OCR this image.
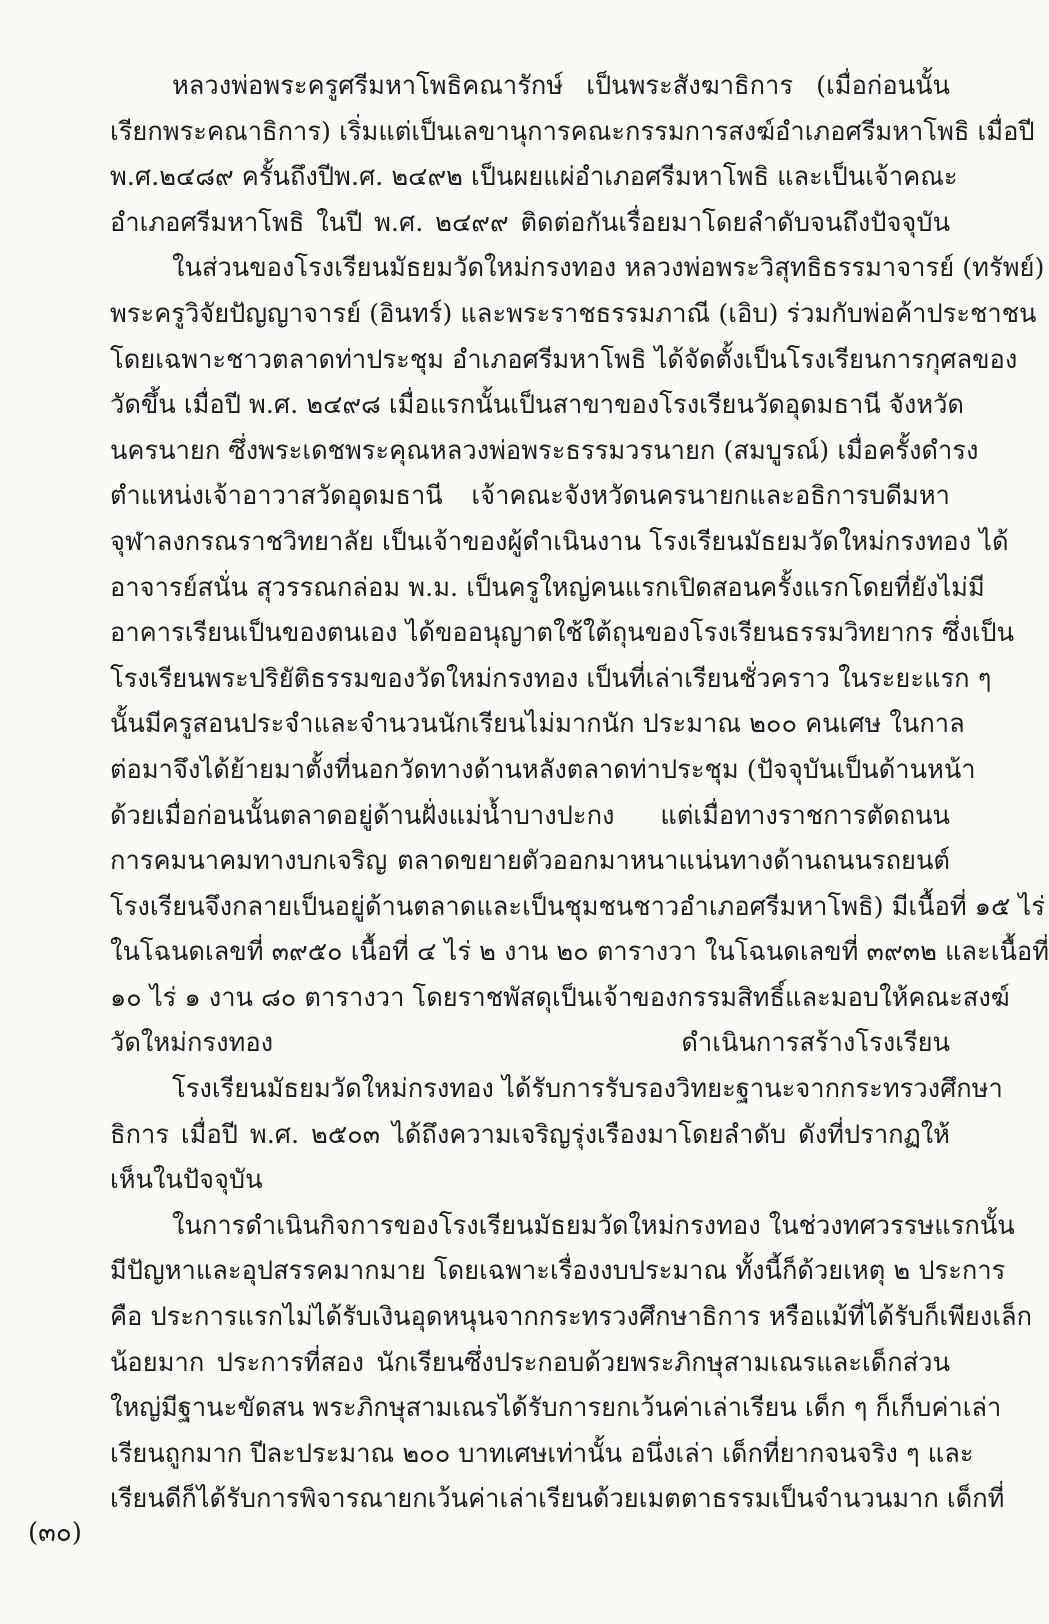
หลวงพ่อพระครูศรีมหาโพธิคณารักษ์ เป็นพระสังฆาธิการ (เมื่อก่อนนั้น
เรียกพระคณาธิการ) เริ่มแต่เป็นเลขานุการคณะกรรมการสงฆ์อำเภอศรีมหาโพธิ เมื่อปี
พ.ศ.๒๔๘๙ ครั้นถึงปีพ.ศ. ๒๔๙๒ เป็นผยแผ่อำเภอศรีมหาโพธิ และเป็นเจ้าคณะ
อำเภอศรีมหาโพธิ ในปี พ.ศ. ๒๔๙๙ ติดต่อกันเรื่อยมาโดยลำดับจนถึงปัจจุบัน
ในส่วนของโรงเรียนมัธยมวัดใหม่กรงทอง หลวงพ่อพระวิสุทธิธรรมาจารย์ (ทรัพย์)
พระครูวิจัยปัญญาจารย์ (อินทร์) และพระราชธรรมภาณี (เอิบ) ร่วมกับพ่อค้าประชาชน
โดยเฉพาะชาวตลาดท่าประชุม อำเภอศรีมหาโพธิ ได้จัดตั้งเป็นโรงเรียนการกุศลของ
วัดขึ้น เมื่อปี พ.ศ. ๒๔๙๘ เมื่อแรกนั้นเป็นสาขาของโรงเรียนวัดอุดมธานี จังหวัด
นครนายก ซึ่งพระเดชพระคุณหลวงพ่อพระธรรมวรนายก (สมบูรณ์) เมื่อครั้งดำรง
ตำแหน่งเจ้าอาวาสวัดอุดมธานี เจ้าคณะจังหวัดนครนายกและอธิการบดีมหา
จุฬาลงกรณราชวิทยาลัย เป็นเจ้าของผู้ดำเนินงาน โรงเรียนมัธยมวัดใหม่กรงทอง ได้
อาจารย์สนั่น สุวรรณกล่อม พ.ม. เป็นครูใหญ่คนแรกเปิดสอนครั้งแรกโดยที่ยังไม่มี
อาคารเรียนเป็นของตนเอง ได้ขออนุญาตใช้ใต้ถุนของโรงเรียนธรรมวิทยากร ซึ่งเป็น
โรงเรียนพระปริยัติธรรมของวัดใหม่กรงทอง เป็นที่เล่าเรียนชั่วคราว ในระยะแรก ๆ
นั้นมีครูสอนประจำและจำนวนนักเรียนไม่มากนัก ประมาณ ๒๐๐ คนเศษ ในกาล
ต่อมาจึงได้ย้ายมาตั้งที่นอกวัดทางด้านหลังตลาดท่าประชุม (ปัจจุบันเป็นด้านหน้า
ด้วยเมื่อก่อนนั้นตลาดอยู่ด้านฝั่งแม่น้ำบางปะกง แต่เมื่อทางราชการตัดถนน
การคมนาคมทางบกเจริญ ตลาดขยายตัวออกมาหนาแน่นทางด้านถนนรถยนต์
โรงเรียนจึงกลายเป็นอยู่ด้านตลาดและเป็นชุมชนชาวอำเภอศรีมหาโพธิ) มีเนื้อที่ ๑๕ ไร่
ในโฉนดเลขที่ ๓๙๕๐ เนื้อที่ ๔ ไร่ ๒ งาน ๒๐ ตารางวา ในโฉนดเลขที่ ๓๙๓๒ และเนื้อที่
๑๐ ไร่ ๑ งาน ๘๐ ตารางวา โดยราชพัสดุเป็นเจ้าของกรรมสิทธิ์และมอบให้คณะสงฆ์
วัดใหม่กรงทอง ดำเนินการสร้างโรงเรียน
โรงเรียนมัธยมวัดใหม่กรงทอง ได้รับการรับรองวิทยะฐานะจากกระทรวงศึกษา
ธิการ เมื่อปี พ.ศ. ๒๕๐๓ ได้ถึงความเจริญรุ่งเรืองมาโดยลำดับ ดังที่ปรากฏให้
เห็นในปัจจุบัน
ในการดำเนินกิจการของโรงเรียนมัธยมวัดใหม่กรงทอง ในช่วงทศวรรษแรกนั้น
มีปัญหาและอุปสรรคมากมาย โดยเฉพาะเรื่องงบประมาณ ทั้งนี้ก็ด้วยเหตุ ๒ ประการ
คือ ประการแรกไม่ได้รับเงินอุดหนุนจากกระทรวงศึกษาธิการ หรือแม้ที่ได้รับก็เพียงเล็ก
น้อยมาก ประการที่สอง นักเรียนซึ่งประกอบด้วยพระภิกษุสามเณรและเด็กส่วน
ใหญ่มีฐานะขัดสน พระภิกษุสามเณรได้รับการยกเว้นค่าเล่าเรียน เด็ก ๆ ก็เก็บค่าเล่า
เรียนถูกมาก ปีละประมาณ ๒๐๐ บาทเศษเท่านั้น อนึ่งเล่า เด็กที่ยากจนจริง ๆ และ
เรียนดีก็ได้รับการพิจารณายกเว้นค่าเล่าเรียนด้วยเมตตาธรรมเป็นจำนวนมาก เด็กที่
(๓๐)
